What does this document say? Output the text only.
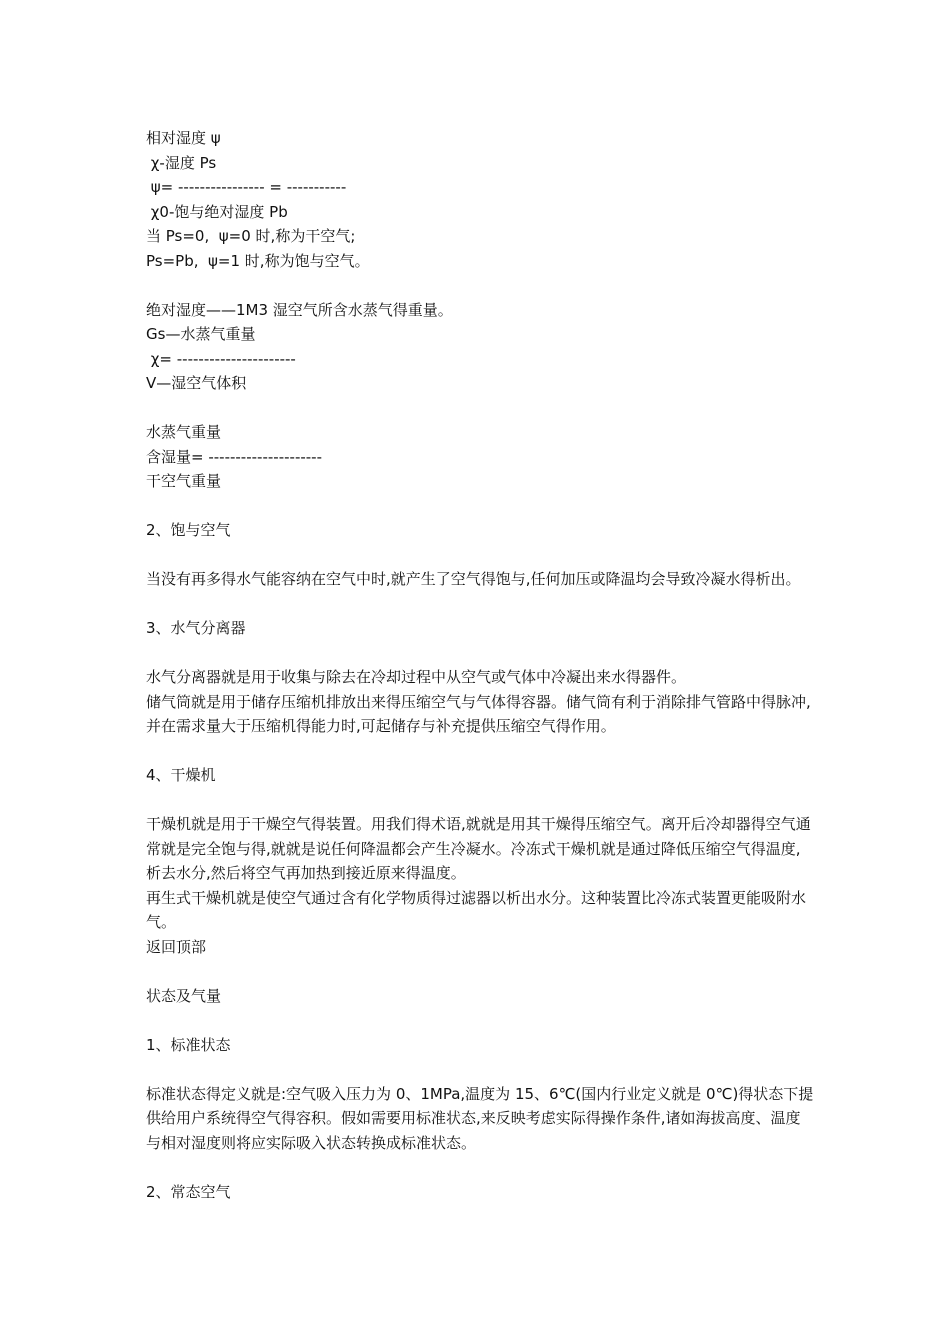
相对湿度 ψ
χ-湿度 Ps
ψ= ---------------- = -----------
χ0-饱与绝对湿度 Pb
当 Ps=0,  ψ=0 时,称为干空气;
Ps=Pb,  ψ=1 时,称为饱与空气。
绝对湿度——1M3 湿空气所含水蒸气得重量。
Gs—水蒸气重量
χ= ----------------------
V—湿空气体积
水蒸气重量
含湿量= ---------------------
干空气重量
2、饱与空气
当没有再多得水气能容纳在空气中时,就产生了空气得饱与,任何加压或降温均会导致冷凝水得析出。
3、水气分离器
水气分离器就是用于收集与除去在冷却过程中从空气或气体中冷凝出来水得器件。
储气筒就是用于储存压缩机排放出来得压缩空气与气体得容器。储气筒有利于消除排气管路中得脉冲,并在需求量大于压缩机得能力时,可起储存与补充提供压缩空气得作用。
4、干燥机
干燥机就是用于干燥空气得装置。用我们得术语,就就是用其干燥得压缩空气。离开后冷却器得空气通常就是完全饱与得,就就是说任何降温都会产生冷凝水。冷冻式干燥机就是通过降低压缩空气得温度,析去水分,然后将空气再加热到接近原来得温度。
再生式干燥机就是使空气通过含有化学物质得过滤器以析出水分。这种装置比冷冻式装置更能吸附水气。
返回顶部
状态及气量
1、标准状态
标准状态得定义就是:空气吸入压力为 0、1MPa,温度为 15、6℃(国内行业定义就是 0℃)得状态下提供给用户系统得空气得容积。假如需要用标准状态,来反映考虑实际得操作条件,诸如海拔高度、温度与相对湿度则将应实际吸入状态转换成标准状态。
2、常态空气
